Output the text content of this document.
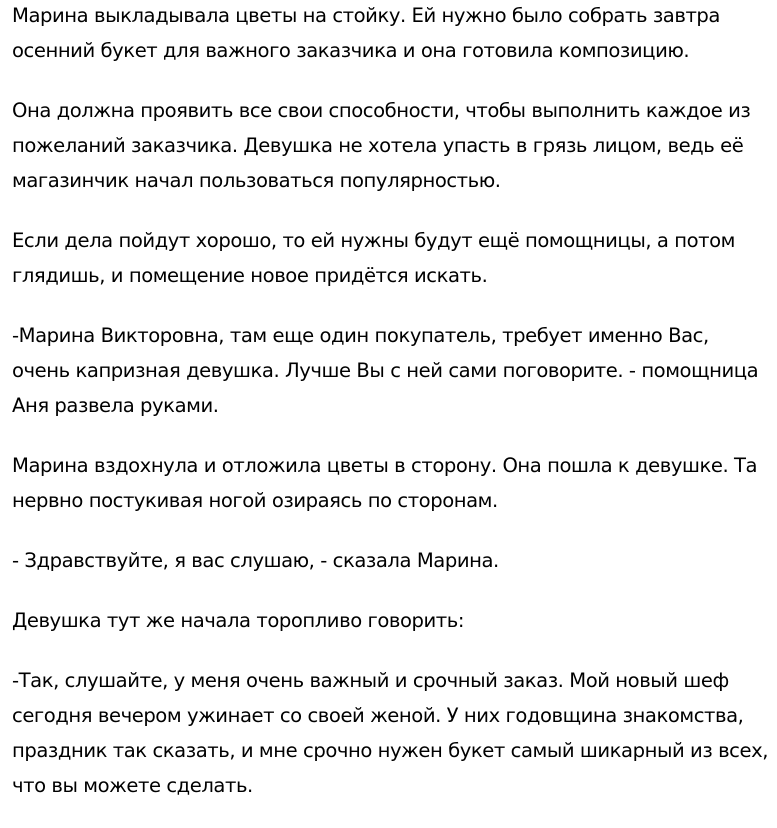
Марина выкладывала цветы на стойку. Ей нужно было собрать завтра осенний букет для важного заказчика и она готовила композицию.

Она должна проявить все свои способности, чтобы выполнить каждое из пожеланий заказчика. Девушка не хотела упасть в грязь лицом, ведь её магазинчик начал пользоваться популярностью.

Если дела пойдут хорошо, то ей нужны будут ещё помощницы, а потом глядишь, и помещение новое придётся искать.

-Марина Викторовна, там еще один покупатель, требует именно Вас, очень капризная девушка. Лучше Вы с ней сами поговорите. - помощница Аня развела руками.

Марина вздохнула и отложила цветы в сторону. Она пошла к девушке. Та нервно постукивая ногой озираясь по сторонам.

- Здравствуйте, я вас слушаю, - сказала Марина.

Девушка тут же начала торопливо говорить:

-Так, слушайте, у меня очень важный и срочный заказ. Мой новый шеф сегодня вечером ужинает со своей женой. У них годовщина знакомства, праздник так сказать, и мне срочно нужен букет самый шикарный из всех, что вы можете сделать.
